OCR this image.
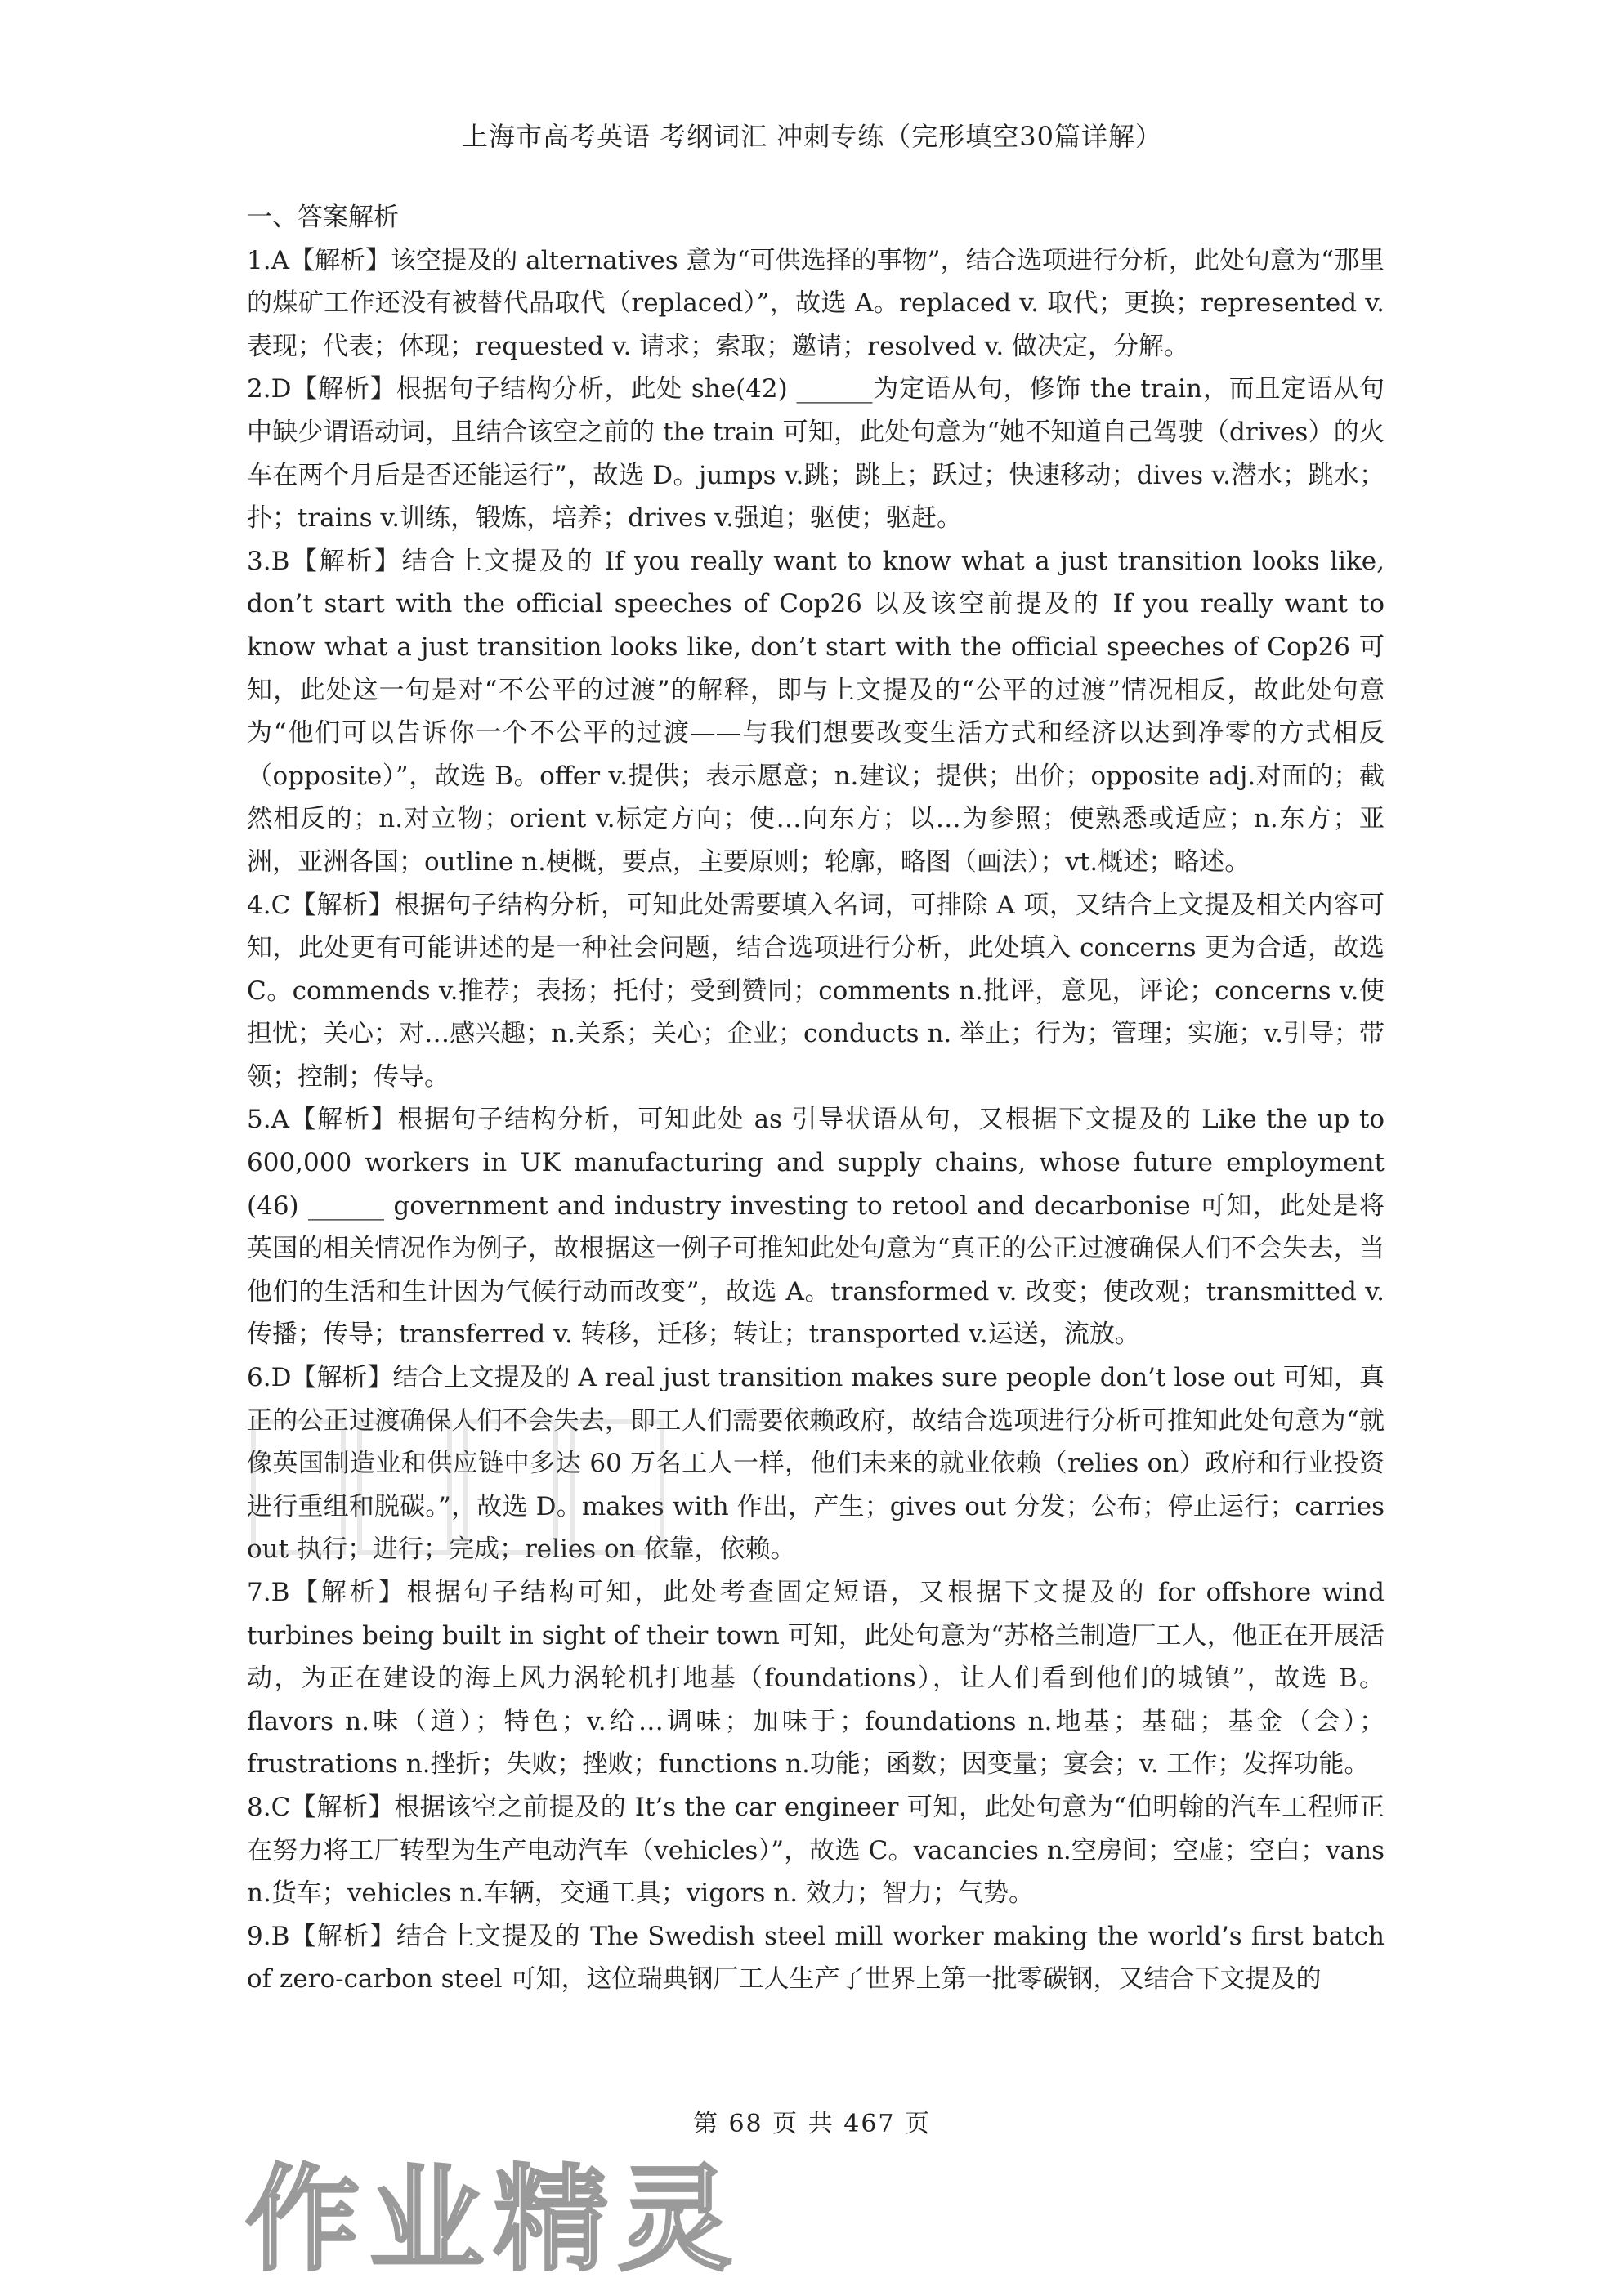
上海市高考英语 考纲词汇 冲刺专练（完形填空30篇详解）

一、答案解析

1.A【解析】该空提及的 alternatives 意为“可供选择的事物”，结合选项进行分析，此处句意为“那里的煤矿工作还没有被替代品取代（replaced）”，故选 A。replaced v. 取代；更换；represented v. 表现；代表；体现；requested v. 请求；索取；邀请；resolved v. 做决定，分解。

2.D【解析】根据句子结构分析，此处 she(42) ______为定语从句，修饰 the train，而且定语从句中缺少谓语动词，且结合该空之前的 the train 可知，此处句意为“她不知道自己驾驶（drives）的火车在两个月后是否还能运行”，故选 D。jumps v.跳；跳上；跃过；快速移动；dives v.潜水；跳水；扑；trains v.训练，锻炼，培养；drives v.强迫；驱使；驱赶。

3.B【解析】结合上文提及的 If you really want to know what a just transition looks like, don’t start with the official speeches of Cop26 以及该空前提及的 If you really want to know what a just transition looks like, don’t start with the official speeches of Cop26 可知，此处这一句是对“不公平的过渡”的解释，即与上文提及的“公平的过渡”情况相反，故此处句意为“他们可以告诉你一个不公平的过渡——与我们想要改变生活方式和经济以达到净零的方式相反（opposite）”，故选 B。offer v.提供；表示愿意；n.建议；提供；出价；opposite adj.对面的；截然相反的；n.对立物；orient v.标定方向；使…向东方；以…为参照；使熟悉或适应；n.东方；亚洲，亚洲各国；outline n.梗概，要点，主要原则；轮廓，略图（画法）；vt.概述；略述。

4.C【解析】根据句子结构分析，可知此处需要填入名词，可排除 A 项，又结合上文提及相关内容可知，此处更有可能讲述的是一种社会问题，结合选项进行分析，此处填入 concerns 更为合适，故选 C。commends v.推荐；表扬；托付；受到赞同；comments n.批评，意见，评论；concerns v.使担忧；关心；对…感兴趣；n.关系；关心；企业；conducts n. 举止；行为；管理；实施；v.引导；带领；控制；传导。

5.A【解析】根据句子结构分析，可知此处 as 引导状语从句，又根据下文提及的 Like the up to 600,000 workers in UK manufacturing and supply chains, whose future employment (46) ______ government and industry investing to retool and decarbonise 可知，此处是将英国的相关情况作为例子，故根据这一例子可推知此处句意为“真正的公正过渡确保人们不会失去，当他们的生活和生计因为气候行动而改变”，故选 A。transformed v. 改变；使改观；transmitted v.传播；传导；transferred v. 转移，迁移；转让；transported v.运送，流放。

6.D【解析】结合上文提及的 A real just transition makes sure people don’t lose out 可知，真正的公正过渡确保人们不会失去，即工人们需要依赖政府，故结合选项进行分析可推知此处句意为“就像英国制造业和供应链中多达 60 万名工人一样，他们未来的就业依赖（relies on）政府和行业投资进行重组和脱碳。”，故选 D。makes with 作出，产生；gives out 分发；公布；停止运行；carries out 执行；进行；完成；relies on 依靠，依赖。

7.B【解析】根据句子结构可知，此处考查固定短语，又根据下文提及的 for offshore wind turbines being built in sight of their town 可知，此处句意为“苏格兰制造厂工人，他正在开展活动，为正在建设的海上风力涡轮机打地基（foundations），让人们看到他们的城镇”，故选 B。flavors n.味（道）；特色；v.给…调味；加味于；foundations n.地基；基础；基金（会）；frustrations n.挫折；失败；挫败；functions n.功能；函数；因变量；宴会；v. 工作；发挥功能。

8.C【解析】根据该空之前提及的 It’s the car engineer 可知，此处句意为“伯明翰的汽车工程师正在努力将工厂转型为生产电动汽车（vehicles）”，故选 C。vacancies n.空房间；空虚；空白；vans n.货车；vehicles n.车辆，交通工具；vigors n. 效力；智力；气势。

9.B【解析】结合上文提及的 The Swedish steel mill worker making the world’s first batch of zero-carbon steel 可知，这位瑞典钢厂工人生产了世界上第一批零碳钢，又结合下文提及的

第 68 页 共 467 页
作业精灵
